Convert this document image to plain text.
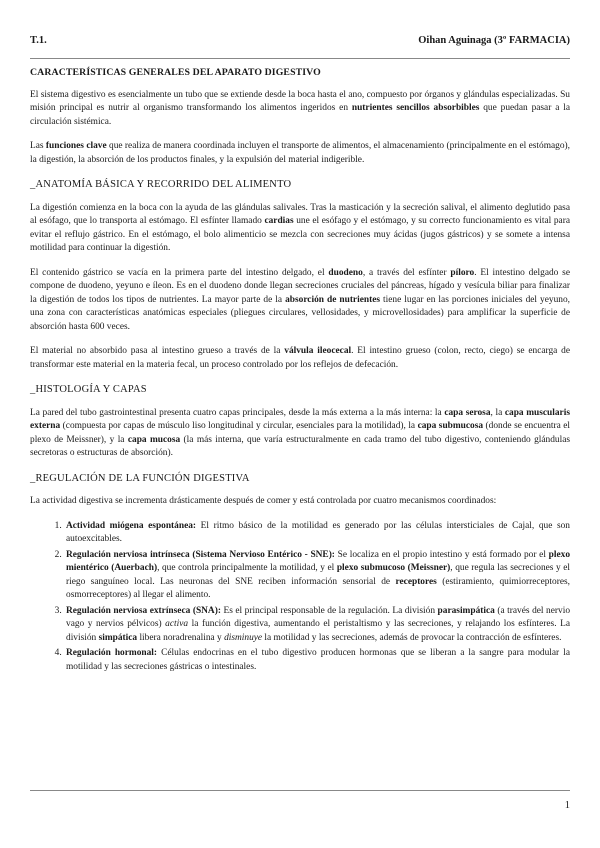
T.1.	Oihan Aguinaga (3º FARMACIA)
CARACTERÍSTICAS GENERALES DEL APARATO DIGESTIVO

El sistema digestivo es esencialmente un tubo que se extiende desde la boca hasta el ano, compuesto por órganos y glándulas especializadas. Su misión principal es nutrir al organismo transformando los alimentos ingeridos en nutrientes sencillos absorbibles que puedan pasar a la circulación sistémica.

Las funciones clave que realiza de manera coordinada incluyen el transporte de alimentos, el almacenamiento (principalmente en el estómago), la digestión, la absorción de los productos finales, y la expulsión del material indigerible.

_ANATOMÍA BÁSICA Y RECORRIDO DEL ALIMENTO

La digestión comienza en la boca con la ayuda de las glándulas salivales. Tras la masticación y la secreción salival, el alimento deglutido pasa al esófago, que lo transporta al estómago. El esfínter llamado cardias une el esófago y el estómago, y su correcto funcionamiento es vital para evitar el reflujo gástrico. En el estómago, el bolo alimenticio se mezcla con secreciones muy ácidas (jugos gástricos) y se somete a intensa motilidad para continuar la digestión.

El contenido gástrico se vacía en la primera parte del intestino delgado, el duodeno, a través del esfínter píloro. El intestino delgado se compone de duodeno, yeyuno e íleon. Es en el duodeno donde llegan secreciones cruciales del páncreas, hígado y vesícula biliar para finalizar la digestión de todos los tipos de nutrientes. La mayor parte de la absorción de nutrientes tiene lugar en las porciones iniciales del yeyuno, una zona con características anatómicas especiales (pliegues circulares, vellosidades, y microvellosidades) para amplificar la superficie de absorción hasta 600 veces.

El material no absorbido pasa al intestino grueso a través de la válvula ileocecal. El intestino grueso (colon, recto, ciego) se encarga de transformar este material en la materia fecal, un proceso controlado por los reflejos de defecación.

_HISTOLOGÍA Y CAPAS

La pared del tubo gastrointestinal presenta cuatro capas principales, desde la más externa a la más interna: la capa serosa, la capa muscularis externa (compuesta por capas de músculo liso longitudinal y circular, esenciales para la motilidad), la capa submucosa (donde se encuentra el plexo de Meissner), y la capa mucosa (la más interna, que varía estructuralmente en cada tramo del tubo digestivo, conteniendo glándulas secretoras o estructuras de absorción).

_REGULACIÓN DE LA FUNCIÓN DIGESTIVA

La actividad digestiva se incrementa drásticamente después de comer y está controlada por cuatro mecanismos coordinados:

1. Actividad miógena espontánea: El ritmo básico de la motilidad es generado por las células intersticiales de Cajal, que son autoexcitables.
2. Regulación nerviosa intrínseca (Sistema Nervioso Entérico - SNE): Se localiza en el propio intestino y está formado por el plexo mientérico (Auerbach), que controla principalmente la motilidad, y el plexo submucoso (Meissner), que regula las secreciones y el riego sanguíneo local. Las neuronas del SNE reciben información sensorial de receptores (estiramiento, quimiorreceptores, osmorreceptores) al llegar el alimento.
3. Regulación nerviosa extrínseca (SNA): Es el principal responsable de la regulación. La división parasimpática (a través del nervio vago y nervios pélvicos) activa la función digestiva, aumentando el peristaltismo y las secreciones, y relajando los esfínteres. La división simpática libera noradrenalina y disminuye la motilidad y las secreciones, además de provocar la contracción de esfínteres.
4. Regulación hormonal: Células endocrinas en el tubo digestivo producen hormonas que se liberan a la sangre para modular la motilidad y las secreciones gástricas o intestinales.
1
